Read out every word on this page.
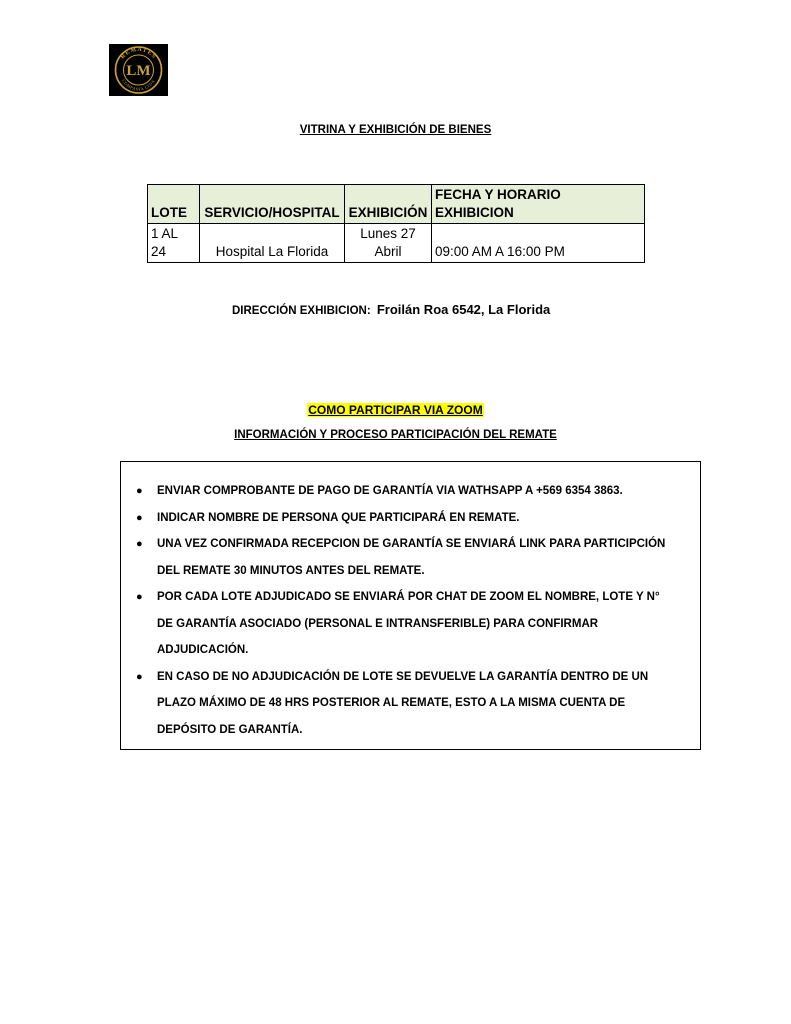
REMATES
COMPANIA LTDA
LM
VITRINA Y EXHIBICIÓN DE BIENES
LOTE	SERVICIO/HOSPITAL	EXHIBICIÓN	FECHA Y HORARIO EXHIBICION
1 AL 24	Hospital La Florida	Lunes 27 Abril	09:00 AM A 16:00 PM
DIRECCIÓN EXHIBICION: Froilán Roa 6542, La Florida
COMO PARTICIPAR VIA ZOOM
INFORMACIÓN Y PROCESO PARTICIPACIÓN DEL REMATE
● ENVIAR COMPROBANTE DE PAGO DE GARANTÍA VIA WATHSAPP A +569 6354 3863.
● INDICAR NOMBRE DE PERSONA QUE PARTICIPARÁ EN REMATE.
● UNA VEZ CONFIRMADA RECEPCION DE GARANTÍA SE ENVIARÁ LINK PARA PARTICIPCIÓN DEL REMATE 30 MINUTOS ANTES DEL REMATE.
● POR CADA LOTE ADJUDICADO SE ENVIARÁ POR CHAT DE ZOOM EL NOMBRE, LOTE Y N° DE GARANTÍA ASOCIADO (PERSONAL E INTRANSFERIBLE) PARA CONFIRMAR ADJUDICACIÓN.
● EN CASO DE NO ADJUDICACIÓN DE LOTE SE DEVUELVE LA GARANTÍA DENTRO DE UN PLAZO MÁXIMO DE 48 HRS POSTERIOR AL REMATE, ESTO A LA MISMA CUENTA DE DEPÓSITO DE GARANTÍA.
